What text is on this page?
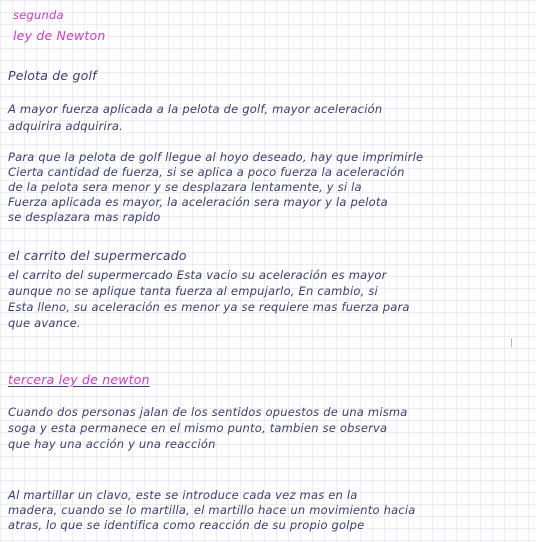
segunda

ley de Newton

Pelota de golf

A mayor fuerza aplicada a la pelota de golf, mayor aceleración

adquirira adquirira.

Para que la pelota de golf llegue al hoyo deseado, hay que imprimirle

Cierta cantidad de fuerza, si se aplica a poco fuerza la aceleración

de la pelota sera menor y se desplazara lentamente, y si la

Fuerza aplicada es mayor, la aceleración sera mayor y la pelota

se desplazara mas rapido

el carrito del supermercado

el carrito del supermercado Esta vacio su aceleración es mayor

aunque no se aplique tanta fuerza al empujarlo, En cambio, si

Esta lleno, su aceleración es menor ya se requiere mas fuerza para

que avance.

|

tercera ley de newton

Cuando dos personas jalan de los sentidos opuestos de una misma

soga y esta permanece en el mismo punto, tambien se observa

que hay una acción y una reacción

Al martillar un clavo, este se introduce cada vez mas en la

madera, cuando se lo martilla, el martillo hace un movimiento hacia

atras, lo que se identifica como reacción de su propio golpe
